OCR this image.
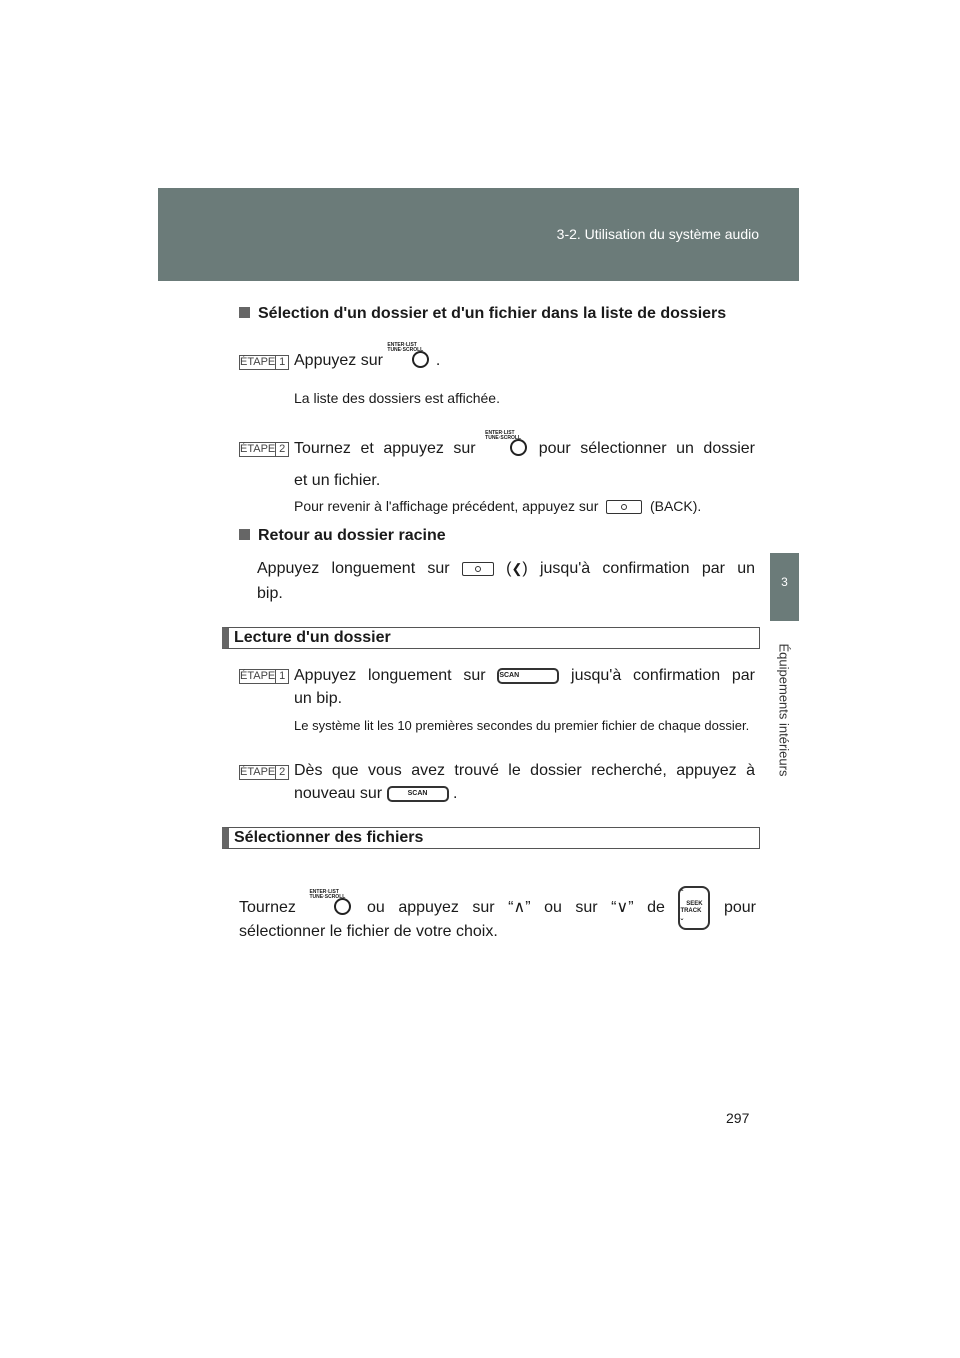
3-2. Utilisation du système audio
3
Équipements intérieurs
Sélection d'un dossier et d'un fichier dans la liste de dossiers
ÉTAPE 1 Appuyez sur
ENTER·LIST TUNE·SCROLL
.
La liste des dossiers est affichée.
ÉTAPE 2 Tournez et appuyez sur
ENTER·LIST TUNE·SCROLL
pour sélectionner un dossier
et un fichier.
Pour revenir à l'affichage précédent, appuyez sur	(BACK).
Retour au dossier racine
Appuyez longuement sur	(❮) jusqu'à confirmation par un
bip.
Lecture d'un dossier
ÉTAPE 1 Appuyez longuement sur SCAN	jusqu'à confirmation par
un bip.
Le système lit les 10 premières secondes du premier fichier de chaque dossier.
ÉTAPE 2 Dès que vous avez trouvé le dossier recherché, appuyez à
nouveau sur	SCAN .
Sélectionner des fichiers
Tournez
ENTER·LIST TUNE·SCROLL
ou appuyez sur “∧” ou sur “∨” de
ˆ
SEEK TRACK
ˇ
pour
sélectionner le fichier de votre choix.
297
